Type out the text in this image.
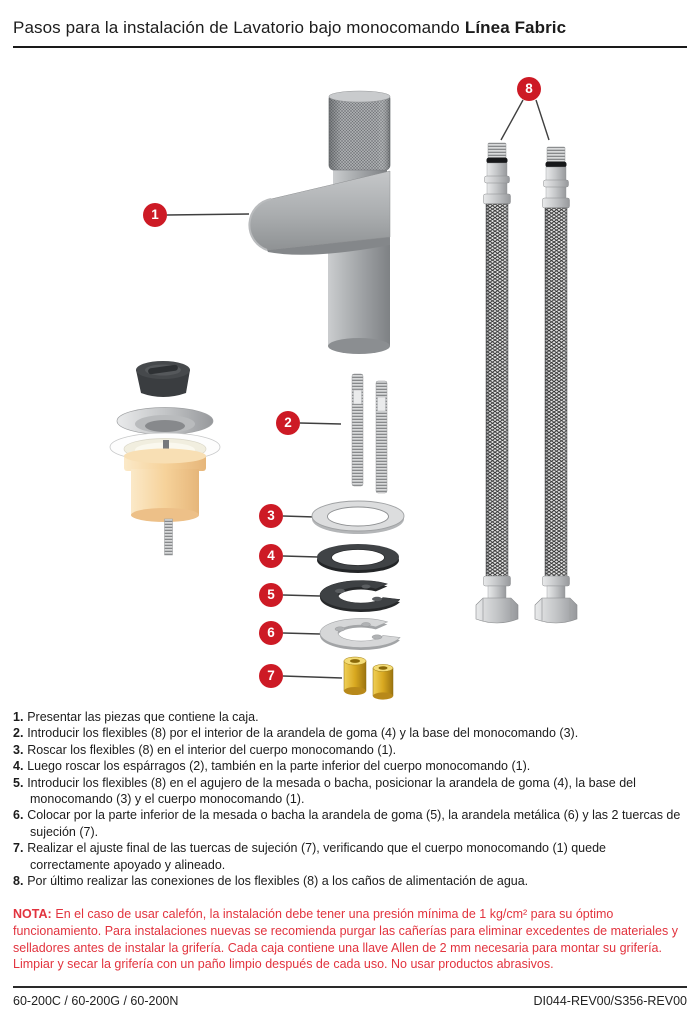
Pasos para la instalación de Lavatorio bajo monocomando Línea Fabric
1
2
3
4
5
6
7
8

1. Presentar las piezas que contiene la caja.

2. Introducir los flexibles (8) por el interior de la arandela de goma (4) y la base del monocomando (3).

3. Roscar los flexibles (8) en el interior del cuerpo monocomando (1).

4. Luego roscar los espárragos (2), también en la parte inferior del cuerpo monocomando (1).

5. Introducir los flexibles (8) en el agujero de la mesada o bacha, posicionar la arandela de goma (4), la base del monocomando (3) y el cuerpo monocomando (1).

6. Colocar por la parte inferior de la mesada o bacha la arandela de goma (5), la arandela metálica (6) y las 2 tuercas de sujeción (7).

7. Realizar el ajuste final de las tuercas de sujeción (7), verificando que el cuerpo monocomando (1) quede correctamente apoyado y alineado.

8. Por último realizar las conexiones de los flexibles (8) a los caños de alimentación de agua.

NOTA: En el caso de usar calefón, la instalación debe tener una presión mínima de 1 kg/cm² para su óptimo funcionamiento. Para instalaciones nuevas se recomienda purgar las cañerías para eliminar excedentes de materiales y selladores antes de instalar la grifería. Cada caja contiene una llave Allen de 2 mm necesaria para montar su grifería. Limpiar y secar la grifería con un paño limpio después de cada uso. No usar productos abrasivos.
60-200C / 60-200G / 60-200N	DI044-REV00/S356-REV00
